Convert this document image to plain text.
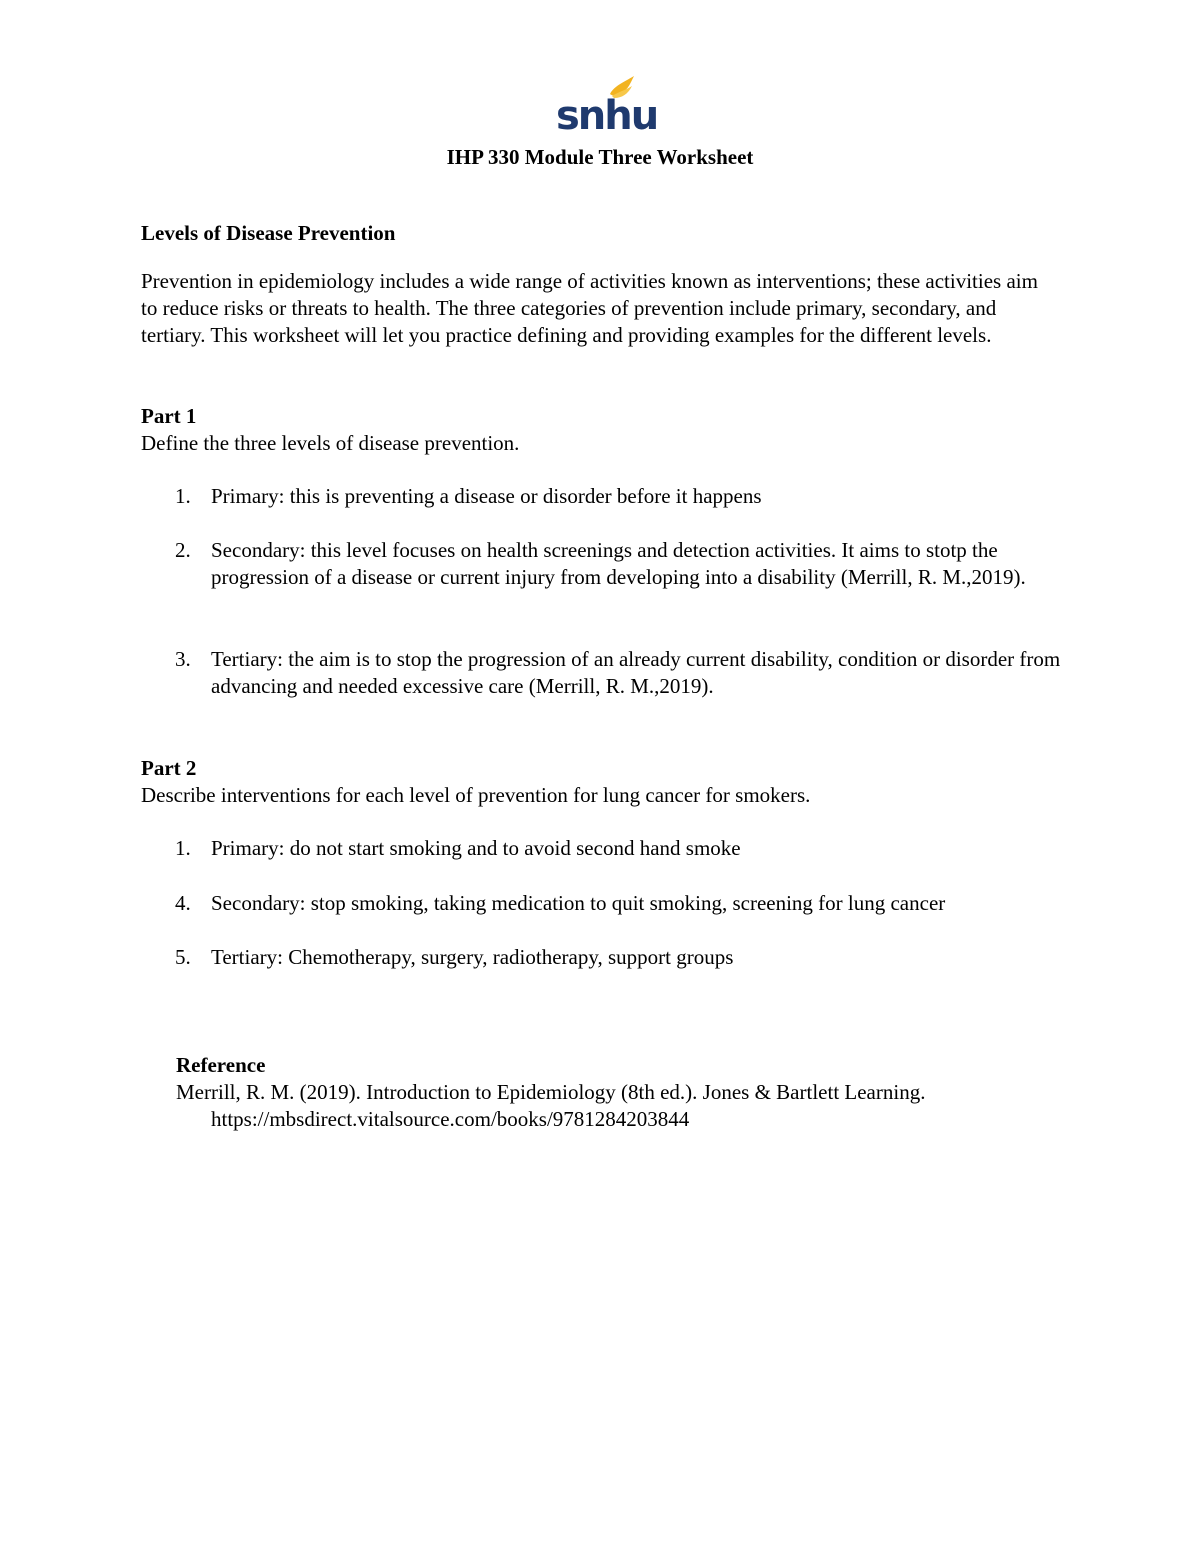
snhu
IHP 330 Module Three Worksheet

Levels of Disease Prevention

Prevention in epidemiology includes a wide range of activities known as interventions; these activities aim to reduce risks or threats to health. The three categories of prevention include primary, secondary, and tertiary. This worksheet will let you practice defining and providing examples for the different levels.

Part 1

Define the three levels of disease prevention.

1. Primary: this is preventing a disease or disorder before it happens
2. Secondary: this level focuses on health screenings and detection activities. It aims to stotp the progression of a disease or current injury from developing into a disability (Merrill, R. M.,2019).
3. Tertiary: the aim is to stop the progression of an already current disability, condition or disorder from advancing and needed excessive care (Merrill, R. M.,2019).

Part 2

Describe interventions for each level of prevention for lung cancer for smokers.

1. Primary: do not start smoking and to avoid second hand smoke
4. Secondary: stop smoking, taking medication to quit smoking, screening for lung cancer
5. Tertiary: Chemotherapy, surgery, radiotherapy, support groups

Reference

Merrill, R. M. (2019). Introduction to Epidemiology (8th ed.). Jones & Bartlett Learning.
https://mbsdirect.vitalsource.com/books/9781284203844
